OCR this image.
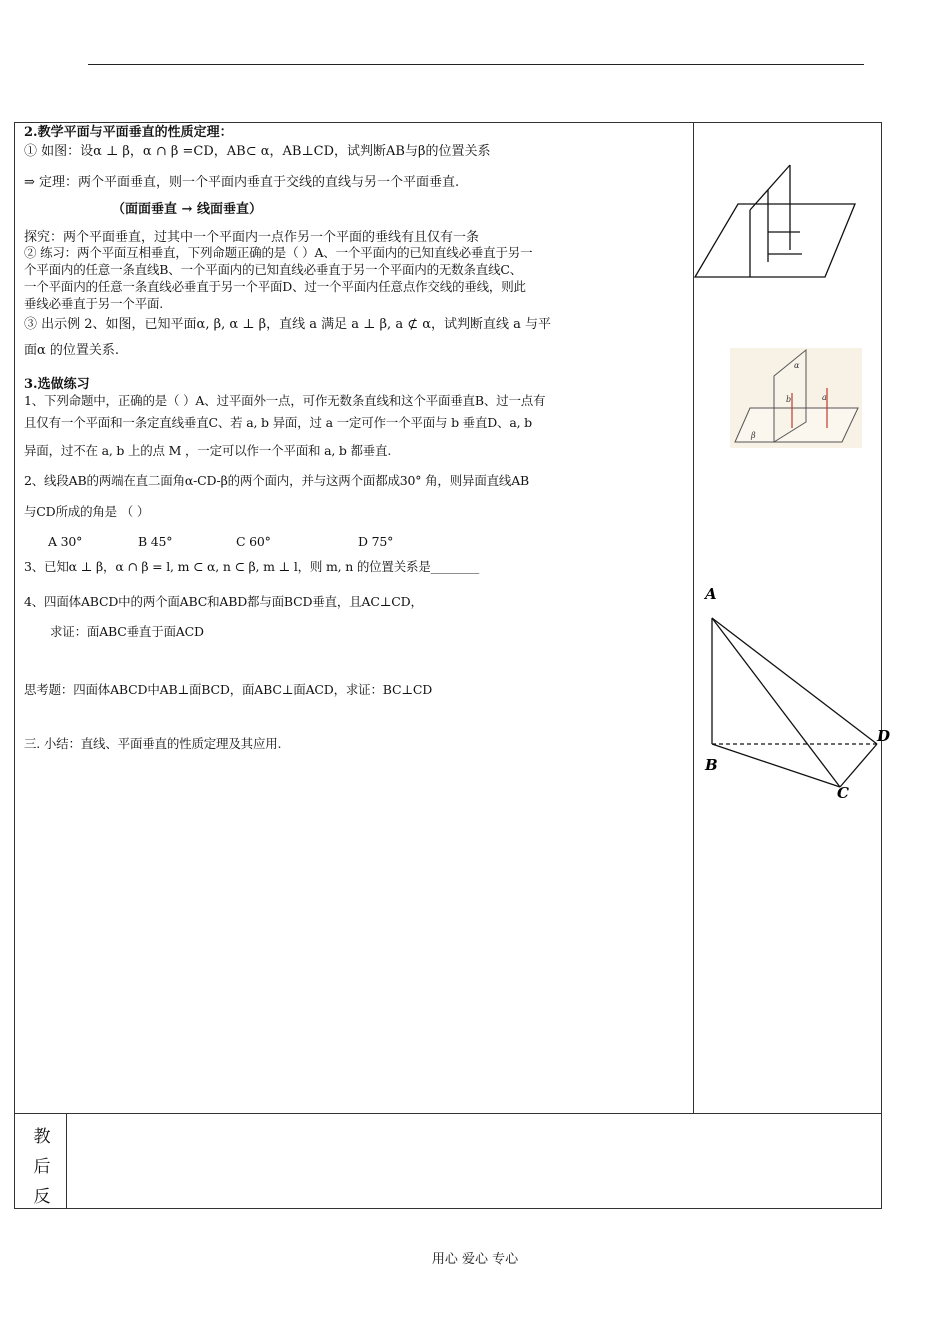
2.教学平面与平面垂直的性质定理：
① 如图：设α ⊥ β，α ∩ β =CD，AB⊂ α，AB⊥CD，试判断AB与β的位置关系
⇒ 定理：两个平面垂直，则一个平面内垂直于交线的直线与另一个平面垂直.
（面面垂直 → 线面垂直）
探究：两个平面垂直，过其中一个平面内一点作另一个平面的垂线有且仅有一条
② 练习：两个平面互相垂直，下列命题正确的是（ ）A、一个平面内的已知直线必垂直于另一
个平面内的任意一条直线B、一个平面内的已知直线必垂直于另一个平面内的无数条直线C、
一个平面内的任意一条直线必垂直于另一个平面D、过一个平面内任意点作交线的垂线，则此
垂线必垂直于另一个平面.
③ 出示例 2、如图，已知平面α, β, α ⊥ β，直线 a 满足 a ⊥ β, a ⊄ α，试判断直线 a 与平
面α 的位置关系.
3.选做练习
1、下列命题中，正确的是（ ）A、过平面外一点，可作无数条直线和这个平面垂直B、过一点有
且仅有一个平面和一条定直线垂直C、若 a, b 异面，过 a 一定可作一个平面与 b 垂直D、a, b
异面，过不在 a, b 上的点 M ，一定可以作一个平面和 a, b 都垂直.
2、线段AB的两端在直二面角α-CD-β的两个面内，并与这两个面都成30° 角，则异面直线AB
与CD所成的角是 （ ）
A 30°	B 45°	C 60°	D 75°
3、已知α ⊥ β，α ∩ β = l, m ⊂ α, n ⊂ β, m ⊥ l，则 m, n 的位置关系是________
4、四面体ABCD中的两个面ABC和ABD都与面BCD垂直，且AC⊥CD，
求证：面ABC垂直于面ACD
思考题：四面体ABCD中AB⊥面BCD，面ABC⊥面ACD，求证：BC⊥CD
三. 小结：直线、平面垂直的性质定理及其应用.
教
后
反
α
β
a
b
A
B
C
D
用心 爱心 专心
